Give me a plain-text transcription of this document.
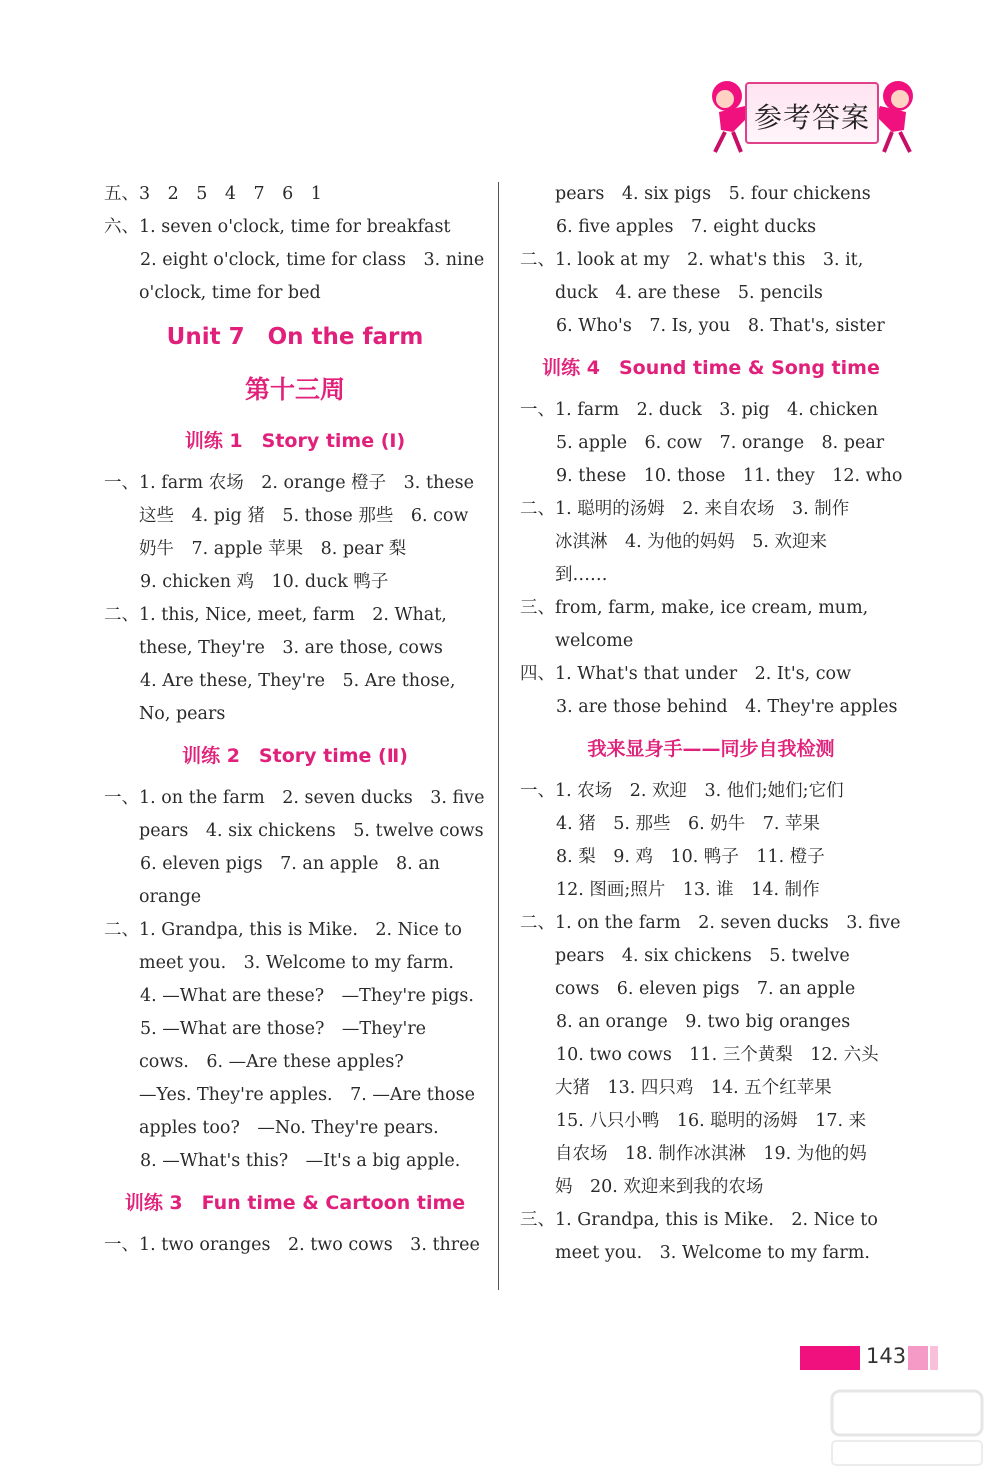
参考答案
五、3　2　5　4　7　6　1
六、1. seven o'clock, time for breakfast
2. eight o'clock, time for class　3. nine
　　o'clock, time for bed
Unit 7　On the farm
第十三周
训练 1　Story time (Ⅰ)
一、1. farm 农场　2. orange 橙子　3. these
　　这些　4. pig 猪　5. those 那些　6. cow
　　奶牛　7. apple 苹果　8. pear 梨
9. chicken 鸡　10. duck 鸭子
二、1. this, Nice, meet, farm　2. What,
　　these, They're　3. are those, cows
4. Are these, They're　5. Are those,
　　No, pears
训练 2　Story time (Ⅱ)
一、1. on the farm　2. seven ducks　3. five
　　pears　4. six chickens　5. twelve cows
6. eleven pigs　7. an apple　8. an
　　orange
二、1. Grandpa, this is Mike.　2. Nice to
　　meet you.　3. Welcome to my farm.
4. —What are these?　—They're pigs.
5. —What are those?　—They're
　　cows.　6. —Are these apples?
　　—Yes. They're apples.　7. —Are those
　　apples too?　—No. They're pears.
8. —What's this?　—It's a big apple.
训练 3　Fun time & Cartoon time
一、1. two oranges　2. two cows　3. three
　　pears　4. six pigs　5. four chickens
6. five apples　7. eight ducks
二、1. look at my　2. what's this　3. it,
　　duck　4. are these　5. pencils
6. Who's　7. Is, you　8. That's, sister
训练 4　Sound time & Song time
一、1. farm　2. duck　3. pig　4. chicken
5. apple　6. cow　7. orange　8. pear
9. these　10. those　11. they　12. who
二、1. 聪明的汤姆　2. 来自农场　3. 制作
　　冰淇淋　4. 为他的妈妈　5. 欢迎来
　　到……
三、from, farm, make, ice cream, mum,
　　welcome
四、1. What's that under　2. It's, cow
3. are those behind　4. They're apples
我来显身手——同步自我检测
一、1. 农场　2. 欢迎　3. 他们;她们;它们
4. 猪　5. 那些　6. 奶牛　7. 苹果
8. 梨　9. 鸡　10. 鸭子　11. 橙子
12. 图画;照片　13. 谁　14. 制作
二、1. on the farm　2. seven ducks　3. five
　　pears　4. six chickens　5. twelve
　　cows　6. eleven pigs　7. an apple
8. an orange　9. two big oranges
10. two cows　11. 三个黄梨　12. 六头
　　大猪　13. 四只鸡　14. 五个红苹果
15. 八只小鸭　16. 聪明的汤姆　17. 来
　　自农场　18. 制作冰淇淋　19. 为他的妈
　　妈　20. 欢迎来到我的农场
三、1. Grandpa, this is Mike.　2. Nice to
　　meet you.　3. Welcome to my farm.
143
